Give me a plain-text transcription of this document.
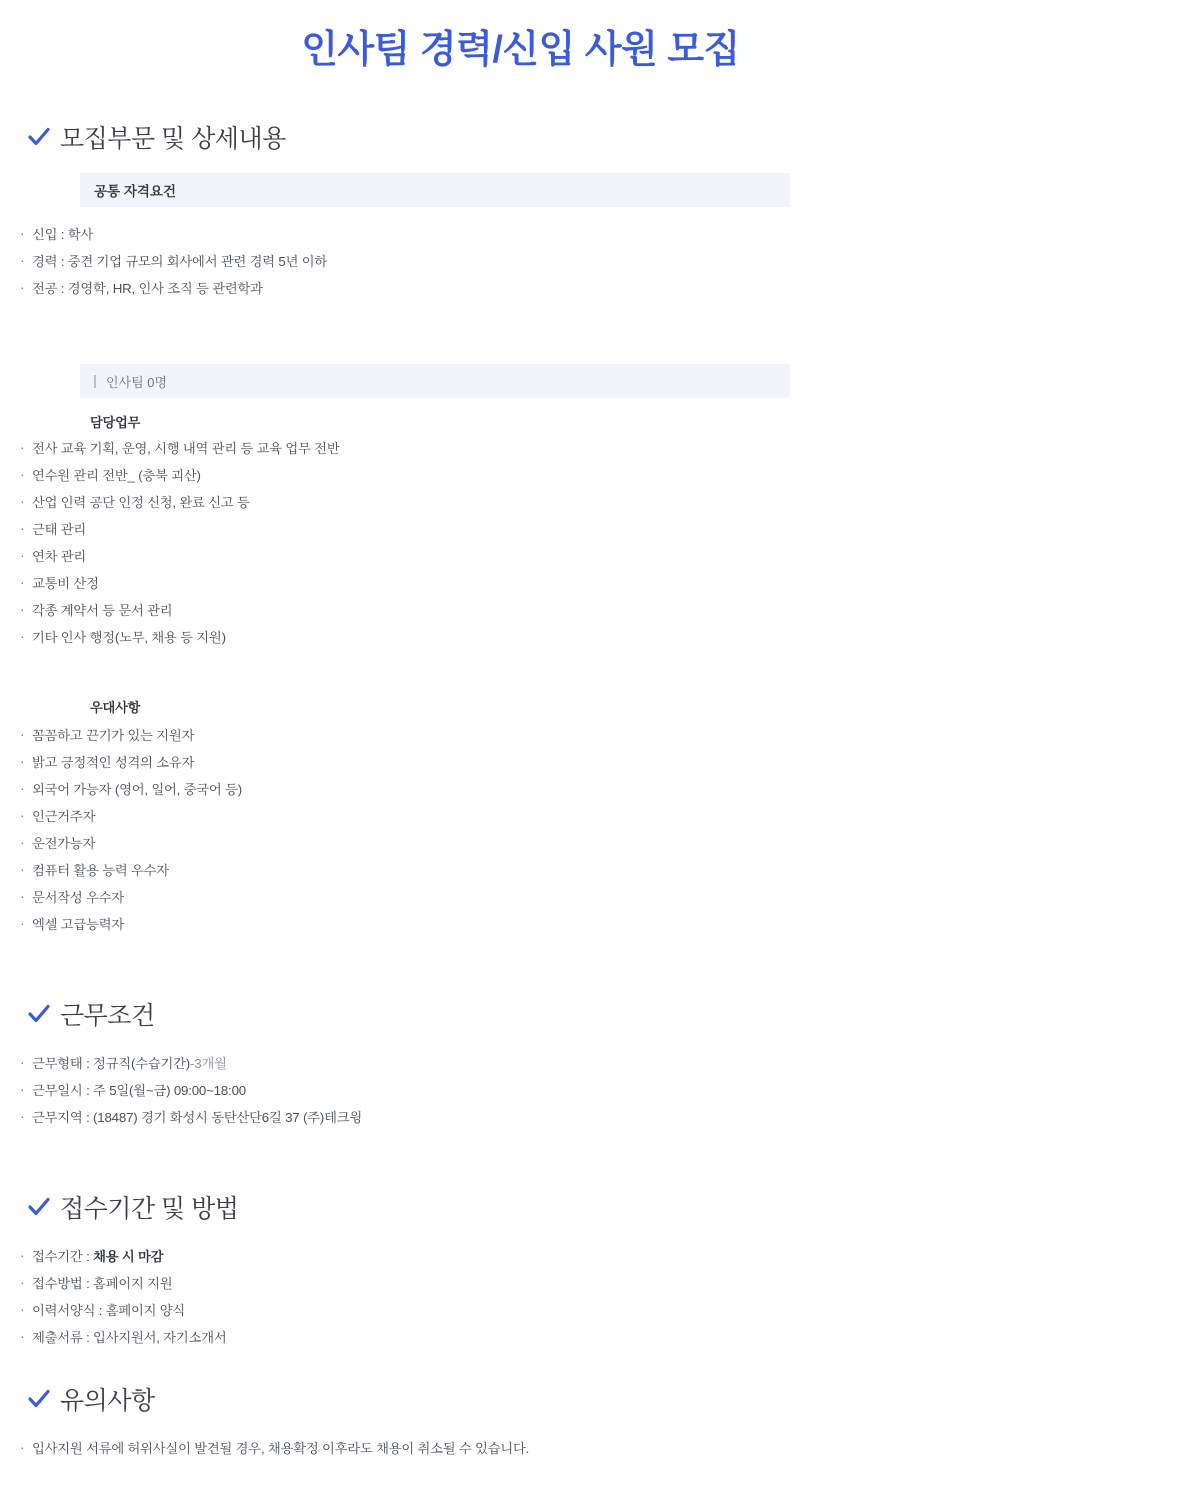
인사팀 경력/신입 사원 모집
모집부문 및 상세내용
공통 자격요건
· 신입 : 학사
· 경력 : 중견 기업 규모의 회사에서 관련 경력 5년 이하
· 전공 : 경영학, HR, 인사 조직 등 관련학과
인사팀 0명
담당업무
· 전사 교육 기획, 운영, 시행 내역 관리 등 교육 업무 전반
· 연수원 관리 전반_ (충북 괴산)
· 산업 인력 공단 인정 신청, 완료 신고 등
· 근태 관리
· 연차 관리
· 교통비 산정
· 각종 계약서 등 문서 관리
· 기타 인사 행정(노무, 채용 등 지원)
우대사항
· 꼼꼼하고 끈기가 있는 지원자
· 밝고 긍정적인 성격의 소유자
· 외국어 가능자 (영어, 일어, 중국어 등)
· 인근거주자
· 운전가능자
· 컴퓨터 활용 능력 우수자
· 문서작성 우수자
· 엑셀 고급능력자
근무조건
· 근무형태 : 정규직(수습기간)-3개월
· 근무일시 : 주 5일(월~금) 09:00~18:00
· 근무지역 : (18487) 경기 화성시 동탄산단6길 37 (주)테크윙
접수기간 및 방법
· 접수기간 : 채용 시 마감
· 접수방법 : 홈페이지 지원
· 이력서양식 : 홈페이지 양식
· 제출서류 : 입사지원서, 자기소개서
유의사항
· 입사지원 서류에 허위사실이 발견될 경우, 채용확정 이후라도 채용이 취소될 수 있습니다.
